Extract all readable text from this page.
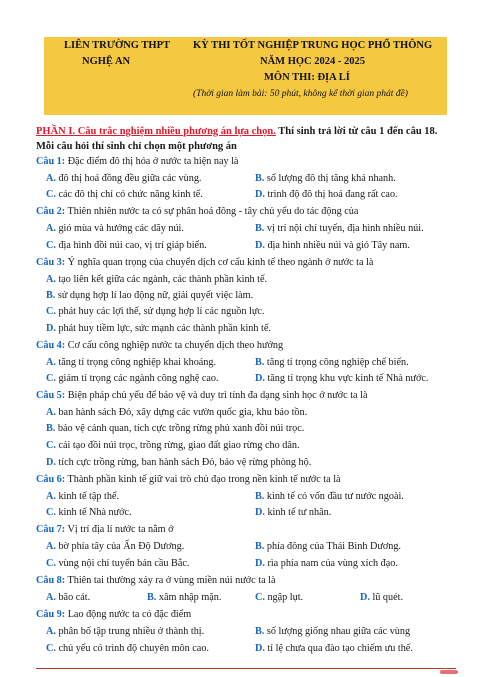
LIÊN TRƯỜNG THPT
NGHỆ AN
KỲ THI TỐT NGHIỆP TRUNG HỌC PHỔ THÔNG
NĂM HỌC 2024 - 2025
MÔN THI: ĐỊA LÍ
(Thời gian làm bài: 50 phút, không kể thời gian phát đề)
PHẦN I. Câu trắc nghiệm nhiều phương án lựa chọn. Thí sinh trả lời từ câu 1 đến câu 18.
Mỗi câu hỏi thí sinh chỉ chọn một phương án
Câu 1: Đặc điểm đô thị hóa ở nước ta hiện nay là
A. đô thị hoá đồng đều giữa các vùng.	B. số lượng đô thị tăng khá nhanh.
C. các đô thị chỉ có chức năng kinh tế.	D. trình độ đô thị hoá đang rất cao.
Câu 2: Thiên nhiên nước ta có sự phân hoá đông - tây chủ yếu do tác động của
A. gió mùa và hướng các dãy núi.	B. vị trí nội chí tuyến, địa hình nhiều núi.
C. địa hình đồi núi cao, vị trí giáp biển.	D. địa hình nhiều núi và gió Tây nam.
Câu 3: Ý nghĩa quan trọng của chuyển dịch cơ cấu kinh tế theo ngành ở nước ta là
A. tạo liên kết giữa các ngành, các thành phần kinh tế.
B. sử dụng hợp lí lao động nữ, giải quyết việc làm.
C. phát huy các lợi thế, sử dụng hợp lí các nguồn lực.
D. phát huy tiềm lực, sức mạnh các thành phần kinh tế.
Câu 4: Cơ cấu công nghiệp nước ta chuyển dịch theo hướng
A. tăng tỉ trọng công nghiệp khai khoáng.	B. tăng tỉ trọng công nghiệp chế biến.
C. giảm tỉ trọng các ngành công nghệ cao.	D. tăng tỉ trọng khu vực kinh tế Nhà nước.
Câu 5: Biện pháp chủ yếu để bảo vệ và duy trì tính đa dạng sinh học ở nước ta là
A. ban hành sách Đỏ, xây dựng các vườn quốc gia, khu bảo tồn.
B. bảo vệ cảnh quan, tích cực trồng rừng phủ xanh đồi núi trọc.
C. cải tạo đồi núi trọc, trồng rừng, giao đất giao rừng cho dân.
D. tích cực trồng rừng, ban hành sách Đỏ, bảo vệ rừng phòng hộ.
Câu 6: Thành phần kinh tế giữ vai trò chủ đạo trong nền kinh tế nước ta là
A. kinh tế tập thể.	B. kinh tế có vốn đầu tư nước ngoài.
C. kinh tế Nhà nước.	D. kinh tế tư nhân.
Câu 7: Vị trí địa lí nước ta nằm ở
A. bờ phía tây của Ấn Độ Dương.	B. phía đông của Thái Bình Dương.
C. vùng nội chí tuyến bán cầu Bắc.	D. rìa phía nam của vùng xích đạo.
Câu 8: Thiên tai thường xảy ra ở vùng miền núi nước ta là
A. bão cát.	B. xâm nhập mặn.	C. ngập lụt.	D. lũ quét.
Câu 9: Lao động nước ta có đặc điểm
A. phân bố tập trung nhiều ở thành thị.	B. số lượng giống nhau giữa các vùng
C. chủ yếu có trình độ chuyên môn cao.	D. tỉ lệ chưa qua đào tạo chiếm ưu thế.
